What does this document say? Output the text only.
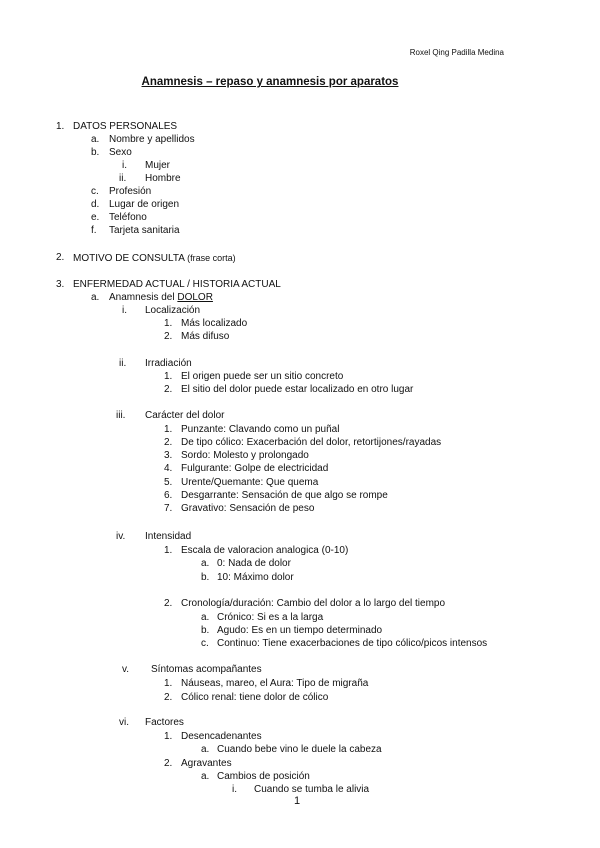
Roxel Qing Padilla Medina
Anamnesis – repaso y anamnesis por aparatos
1. DATOS PERSONALES
a. Nombre y apellidos
b. Sexo
i. Mujer
ii. Hombre
c. Profesión
d. Lugar de origen
e. Teléfono
f. Tarjeta sanitaria
2. MOTIVO DE CONSULTA (frase corta)
3. ENFERMEDAD ACTUAL / HISTORIA ACTUAL
a. Anamnesis del DOLOR
i. Localización
1. Más localizado
2. Más difuso
ii. Irradiación
1. El origen puede ser un sitio concreto
2. El sitio del dolor puede estar localizado en otro lugar
iii. Carácter del dolor
1. Punzante: Clavando como un puñal
2. De tipo cólico: Exacerbación del dolor, retortijones/rayadas
3. Sordo: Molesto y prolongado
4. Fulgurante: Golpe de electricidad
5. Urente/Quemante: Que quema
6. Desgarrante: Sensación de que algo se rompe
7. Gravativo: Sensación de peso
iv. Intensidad
1. Escala de valoracion analogica (0-10)
a. 0: Nada de dolor
b. 10: Máximo dolor
2. Cronología/duración: Cambio del dolor a lo largo del tiempo
a. Crónico: Si es a la larga
b. Agudo: Es en un tiempo determinado
c. Continuo: Tiene exacerbaciones de tipo cólico/picos intensos
v. Síntomas acompañantes
1. Náuseas, mareo, el Aura: Tipo de migraña
2. Cólico renal: tiene dolor de cólico
vi. Factores
1. Desencadenantes
a. Cuando bebe vino le duele la cabeza
2. Agravantes
a. Cambios de posición
i. Cuando se tumba le alivia
1
